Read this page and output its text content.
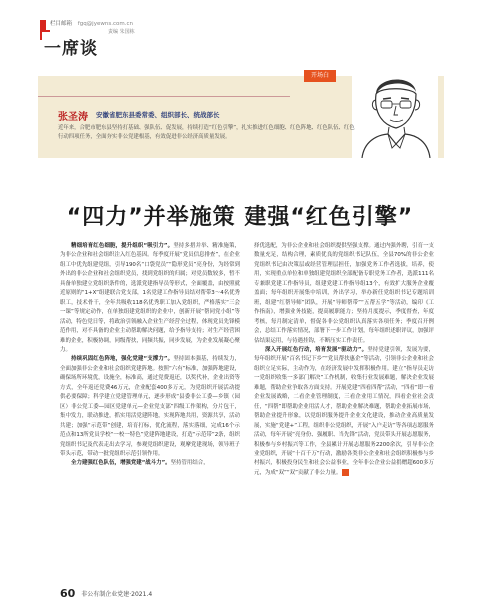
栏目邮箱 fgq@jyewns.com.cn
责编 朱国栋
一席谈
开场白
张圣涛 安徽省肥东县委常委、组织部长、统战部长
近年来，合肥市肥东县坚持打基础、强队伍、促发展，持续打造“红色引擎”，扎实推进红色细胞、红色阵地、红色队伍、红色行动四项任务，全面夯实非公党建根基，有效促进非公经济高质量发展。
“四力”并举施策 建强“红色引擎”

精细培育红色细胞，提升组织“吸引力”。坚持多措并举、精准施策，为非公企业和社会组织注入红色基因。每季度开展“党员信息排查”，在企业组工中优先组建党组，引导190名“口袋党员”“隐形党员”亮身份，为经常到外出的非公企业和社会组织党员，找到党组织的归属；对党员数较多，暂不具备单独建立党组织条件的，选派党建指导员等形式，全面覆盖，由按照就近原则的“1+X”组建联合党支部，1名党建工作指导员结对帮带3～4名优秀职工，技术骨干，全年共吸收118名优秀职工加入党组织，严格落实“三会一课”等规定动作，在单独组建党组织的企业中，创新开展“帮同党小组”等活动，特色党日等，将政治引领融入企业生产经营全过程，体现党员先锋模范作用，对不具备的企业主动帮助解决问题，给予指导支持；对生产经营困难的企业，积极协调，同级帮扶，同频共振，同步发展，为企业发展凝心聚力。

持续巩固红色阵地，强化党建“支撑力”。坚持固本强基，持续发力，全面加强非公企业和社会组织党建阵地。按照“六有”标准，加强阵地建设，确保场所环境优，设施全，标准高，通过党费返还，以奖代补，企业出资等方式，全年返还党费46万元，企业配套400多万元，为党组织开展活动提供必要保障；科学建立党建管理单元，逐步形成“县委非公工委—乡镇（园区）非公党工委—园区党建单元—企业党支部”四级工作架构，分片包干，集中发力，联动推进，抓实用活党建阵地，实现阵地共用，资源共享，活动共建；加强“示范带”创建，培育打标，优化流程，落实落细，完成16个示范点和13所党员学校“一校一特色”党建阵地建设，打造“示范带”2条，组织党组织书记及代表走出去学习，参观党组织建设，观摩党建现场，领导班子带头示范，带动一批党组织示范引领作用。

全力建强红色队伍，增强党建“战斗力”。坚持管用结合，

择优选配，为非公企业和社会组织提供坚强支撑。通过内强外聘，引育一支数量充足，结构合理，素质优良的党组织书记队伍，全县70%的非公企业党组织书记由决策层或经营管理层担任，加强党务工作者选拔，培养，使用，实现重点单位和单独组建党组织全部配备专职党务工作者，选派111名专兼职党建工作指导员，组建党建工作指导组13个，有效扩大服务企业覆盖面；每年组织开展集中培训，外出学习，举办新任党组织书记专题培训班，组建“红帮导师”团队，开展“导师帮带”“五帮五学”等活动，编印《工作指南》，增强业务技能，提高履职能力；坚持月度提示，季度督查，年度考核，每月制定清单，督促各非公党组织认真落实各项任务；季度召开例会，总结工作落实情况，部署下一步工作计划，每年组织述职评议，加强评估结果运用，与待遇挂钩，不断压实工作责任。

深入开展红色行动，培育发展“驱动力”。坚持党建引领，发展为要，每年组织开展“百名书记下乡”“党员帮扶惠企”等活动，引领非公企业和社会组织立足实际，主动作为，在经济发展中发挥积极作用。建立“指导员走访一党组织收集一多部门解决”工作机制，收集行业发展难题，解决企业发展难题，帮助企业争取各方面支持。开展党建“四看四帮”活动，“四看”即一看企业发展战略，二看企业管理制度，三看企业用工情况，四看企业社会责任，“四帮”即帮助企业用活人才，帮助企业解决难题，帮助企业拓展市场，帮助企业提升形象，以党组织服务提升企业文化建设，推动企业高质量发展，实施“党建+”工程，组织非公党组织，开展“入户走访”等各项志愿服务活动，每年开展“亮身份、强履职、当先锋”活动，党员带头开展志愿服务，积极参与乡村振兴等工作，全县累计开展志愿服务2200余次，引导非公企业党组织，开展“十百千万”行动，激励各类非公企业和社会组织积极参与乡村振兴，积极投身民生和社会公益事业，全年非公企业公益捐赠超600多万元，为成“双”“双”贡献了非公力量。

60 非公有制企业党建·2021.4
